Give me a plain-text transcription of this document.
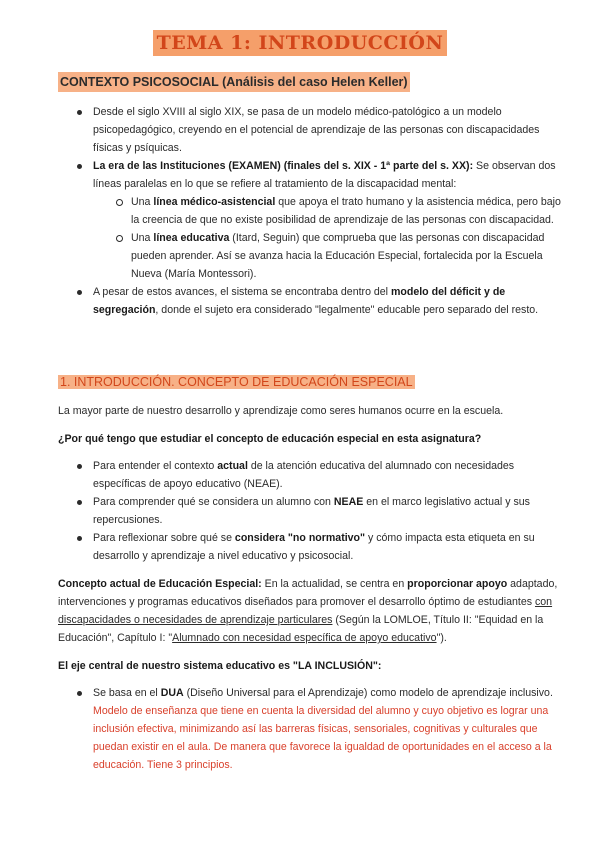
TEMA 1: INTRODUCCIÓN
CONTEXTO PSICOSOCIAL (Análisis del caso Helen Keller)
Desde el siglo XVIII al siglo XIX, se pasa de un modelo médico-patológico a un modelo psicopedagógico, creyendo en el potencial de aprendizaje de las personas con discapacidades físicas y psíquicas.
La era de las Instituciones (EXAMEN) (finales del s. XIX - 1ª parte del s. XX): Se observan dos líneas paralelas en lo que se refiere al tratamiento de la discapacidad mental:
Una línea médico-asistencial que apoya el trato humano y la asistencia médica, pero bajo la creencia de que no existe posibilidad de aprendizaje de las personas con discapacidad.
Una línea educativa (Itard, Seguin) que comprueba que las personas con discapacidad pueden aprender. Así se avanza hacia la Educación Especial, fortalecida por la Escuela Nueva (María Montessori).
A pesar de estos avances, el sistema se encontraba dentro del modelo del déficit y de segregación, donde el sujeto era considerado "legalmente" educable pero separado del resto.
1. INTRODUCCIÓN. CONCEPTO DE EDUCACIÓN ESPECIAL

La mayor parte de nuestro desarrollo y aprendizaje como seres humanos ocurre en la escuela.

¿Por qué tengo que estudiar el concepto de educación especial en esta asignatura?

Para entender el contexto actual de la atención educativa del alumnado con necesidades específicas de apoyo educativo (NEAE).
Para comprender qué se considera un alumno con NEAE en el marco legislativo actual y sus repercusiones.
Para reflexionar sobre qué se considera "no normativo" y cómo impacta esta etiqueta en su desarrollo y aprendizaje a nivel educativo y psicosocial.

Concepto actual de Educación Especial: En la actualidad, se centra en proporcionar apoyo adaptado, intervenciones y programas educativos diseñados para promover el desarrollo óptimo de estudiantes con discapacidades o necesidades de aprendizaje particulares (Según la LOMLOE, Título II: "Equidad en la Educación", Capítulo I: "Alumnado con necesidad específica de apoyo educativo").

El eje central de nuestro sistema educativo es "LA INCLUSIÓN":

Se basa en el DUA (Diseño Universal para el Aprendizaje) como modelo de aprendizaje inclusivo.
Modelo de enseñanza que tiene en cuenta la diversidad del alumno y cuyo objetivo es lograr una inclusión efectiva, minimizando así las barreras físicas, sensoriales, cognitivas y culturales que puedan existir en el aula. De manera que favorece la igualdad de oportunidades en el acceso a la educación. Tiene 3 principios.
